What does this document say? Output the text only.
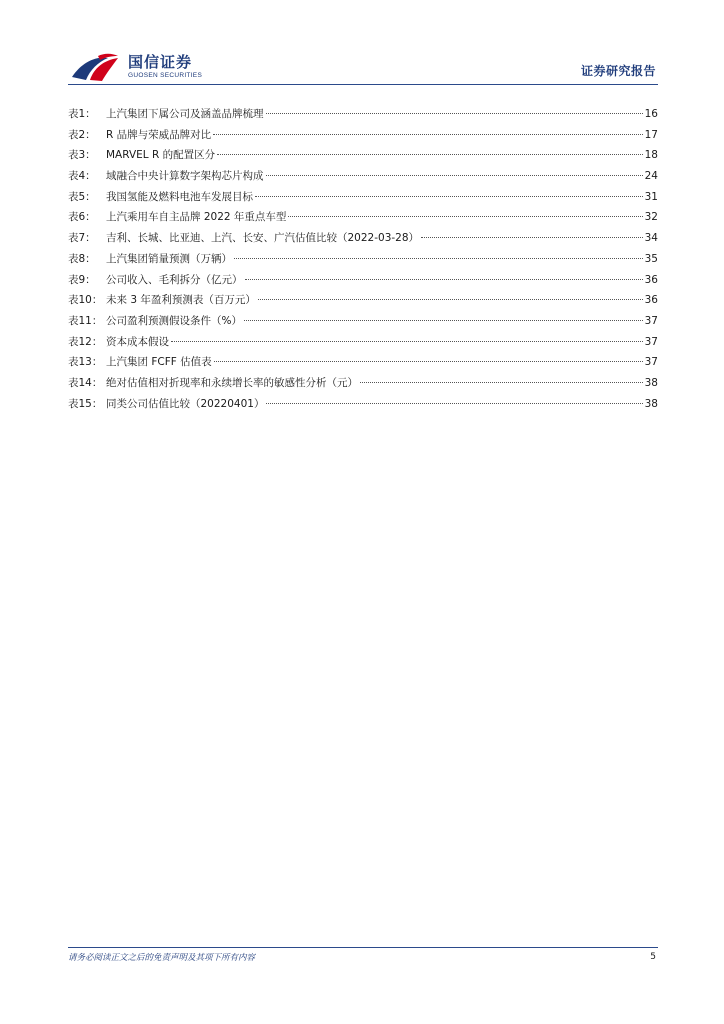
国信证券
GUOSEN SECURITIES	证券研究报告
表1： 上汽集团下属公司及涵盖品牌梳理	16
表2： R 品牌与荣威品牌对比	17
表3： MARVEL R 的配置区分	18
表4： 域融合中央计算数字架构芯片构成	24
表5： 我国氢能及燃料电池车发展目标	31
表6： 上汽乘用车自主品牌 2022 年重点车型	32
表7： 吉利、长城、比亚迪、上汽、长安、广汽估值比较（2022-03-28）	34
表8： 上汽集团销量预测（万辆）	35
表9： 公司收入、毛利拆分（亿元）	36
表10： 未来 3 年盈利预测表（百万元）	36
表11： 公司盈利预测假设条件（%）	37
表12： 资本成本假设	37
表13： 上汽集团 FCFF 估值表	37
表14： 绝对估值相对折现率和永续增长率的敏感性分析（元）	38
表15： 同类公司估值比较（20220401）	38
请务必阅读正文之后的免责声明及其项下所有内容	5
